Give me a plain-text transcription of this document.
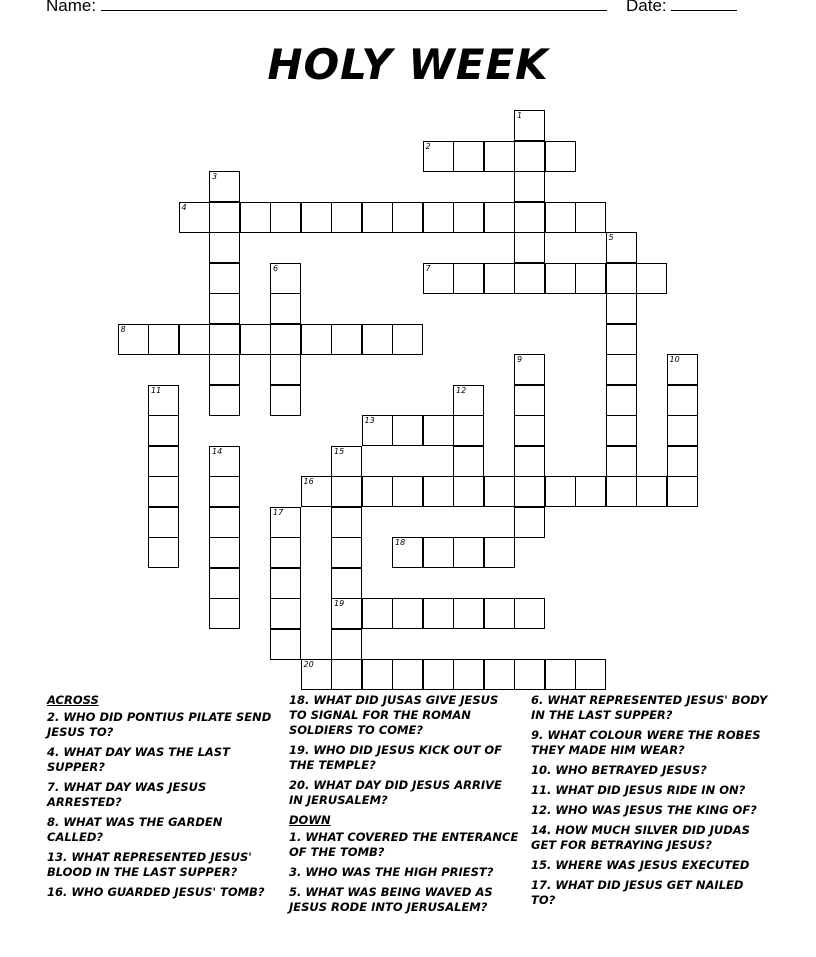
Name:	Date:
HOLY WEEK
1
2
3
4
5
6	7
8
9	10
11	12
13
14	15
19
16
17
18
20
ACROSS
2. WHO DID PONTIUS PILATE SEND JESUS TO?
4. WHAT DAY WAS THE LAST SUPPER?
7. WHAT DAY WAS JESUS ARRESTED?
8. WHAT WAS THE GARDEN CALLED?
13. WHAT REPRESENTED JESUS' BLOOD IN THE LAST SUPPER?
16. WHO GUARDED JESUS' TOMB?
18. WHAT DID JUSAS GIVE JESUS TO SIGNAL FOR THE ROMAN SOLDIERS TO COME?
19. WHO DID JESUS KICK OUT OF THE TEMPLE?
20. WHAT DAY DID JESUS ARRIVE IN JERUSALEM?
DOWN
1. WHAT COVERED THE ENTERANCE OF THE TOMB?
3. WHO WAS THE HIGH PRIEST?
5. WHAT WAS BEING WAVED AS JESUS RODE INTO JERUSALEM?
6. WHAT REPRESENTED JESUS' BODY IN THE LAST SUPPER?
9. WHAT COLOUR WERE THE ROBES THEY MADE HIM WEAR?
10. WHO BETRAYED JESUS?
11. WHAT DID JESUS RIDE IN ON?
12. WHO WAS JESUS THE KING OF?
14. HOW MUCH SILVER DID JUDAS GET FOR BETRAYING JESUS?
15. WHERE WAS JESUS EXECUTED
17. WHAT DID JESUS GET NAILED TO?
